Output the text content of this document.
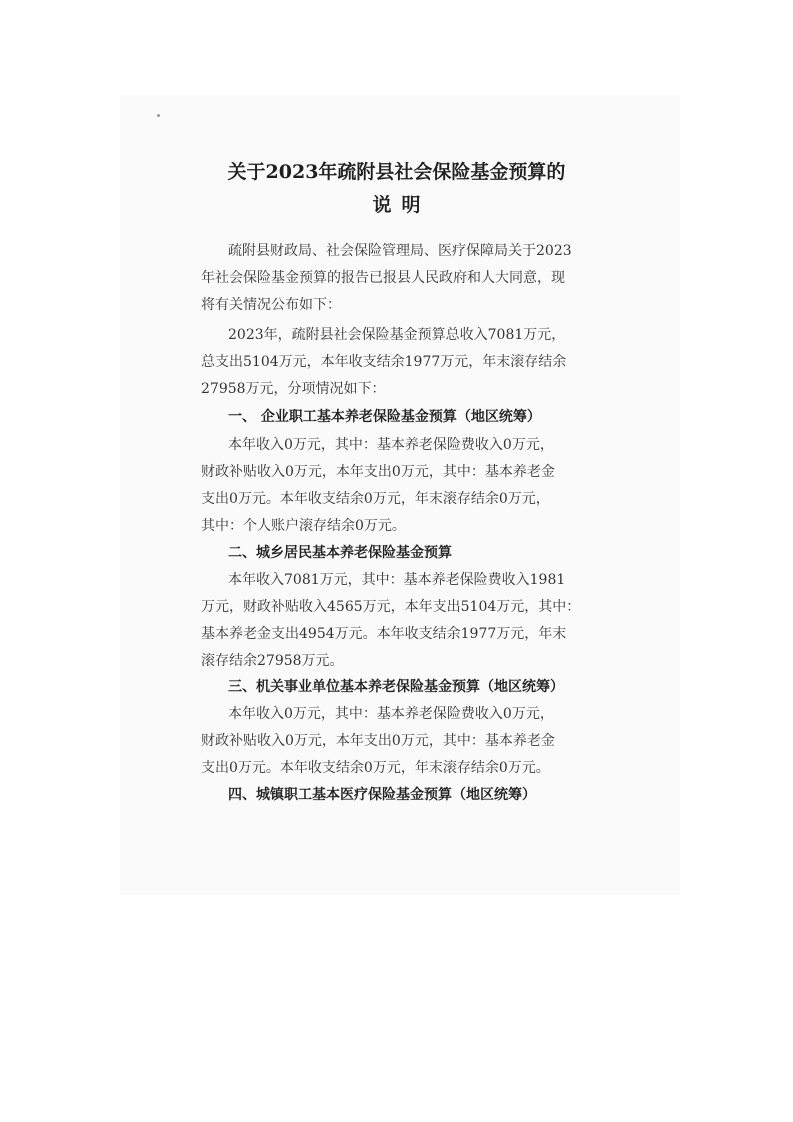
关于2023年疏附县社会保险基金预算的
说明
疏附县财政局、社会保险管理局、医疗保障局关于2023
年社会保险基金预算的报告已报县人民政府和人大同意，现
将有关情况公布如下：
2023年，疏附县社会保险基金预算总收入7081万元，
总支出5104万元，本年收支结余1977万元，年末滚存结余
27958万元，分项情况如下：
一、 企业职工基本养老保险基金预算（地区统筹）
本年收入0万元，其中：基本养老保险费收入0万元，
财政补贴收入0万元，本年支出0万元，其中：基本养老金
支出0万元。本年收支结余0万元，年末滚存结余0万元，
其中：个人账户滚存结余0万元。
二、城乡居民基本养老保险基金预算
本年收入7081万元，其中：基本养老保险费收入1981
万元，财政补贴收入4565万元，本年支出5104万元，其中：
基本养老金支出4954万元。本年收支结余1977万元，年末
滚存结余27958万元。
三、机关事业单位基本养老保险基金预算（地区统筹）
本年收入0万元，其中：基本养老保险费收入0万元，
财政补贴收入0万元，本年支出0万元，其中：基本养老金
支出0万元。本年收支结余0万元，年末滚存结余0万元。
四、城镇职工基本医疗保险基金预算（地区统筹）
